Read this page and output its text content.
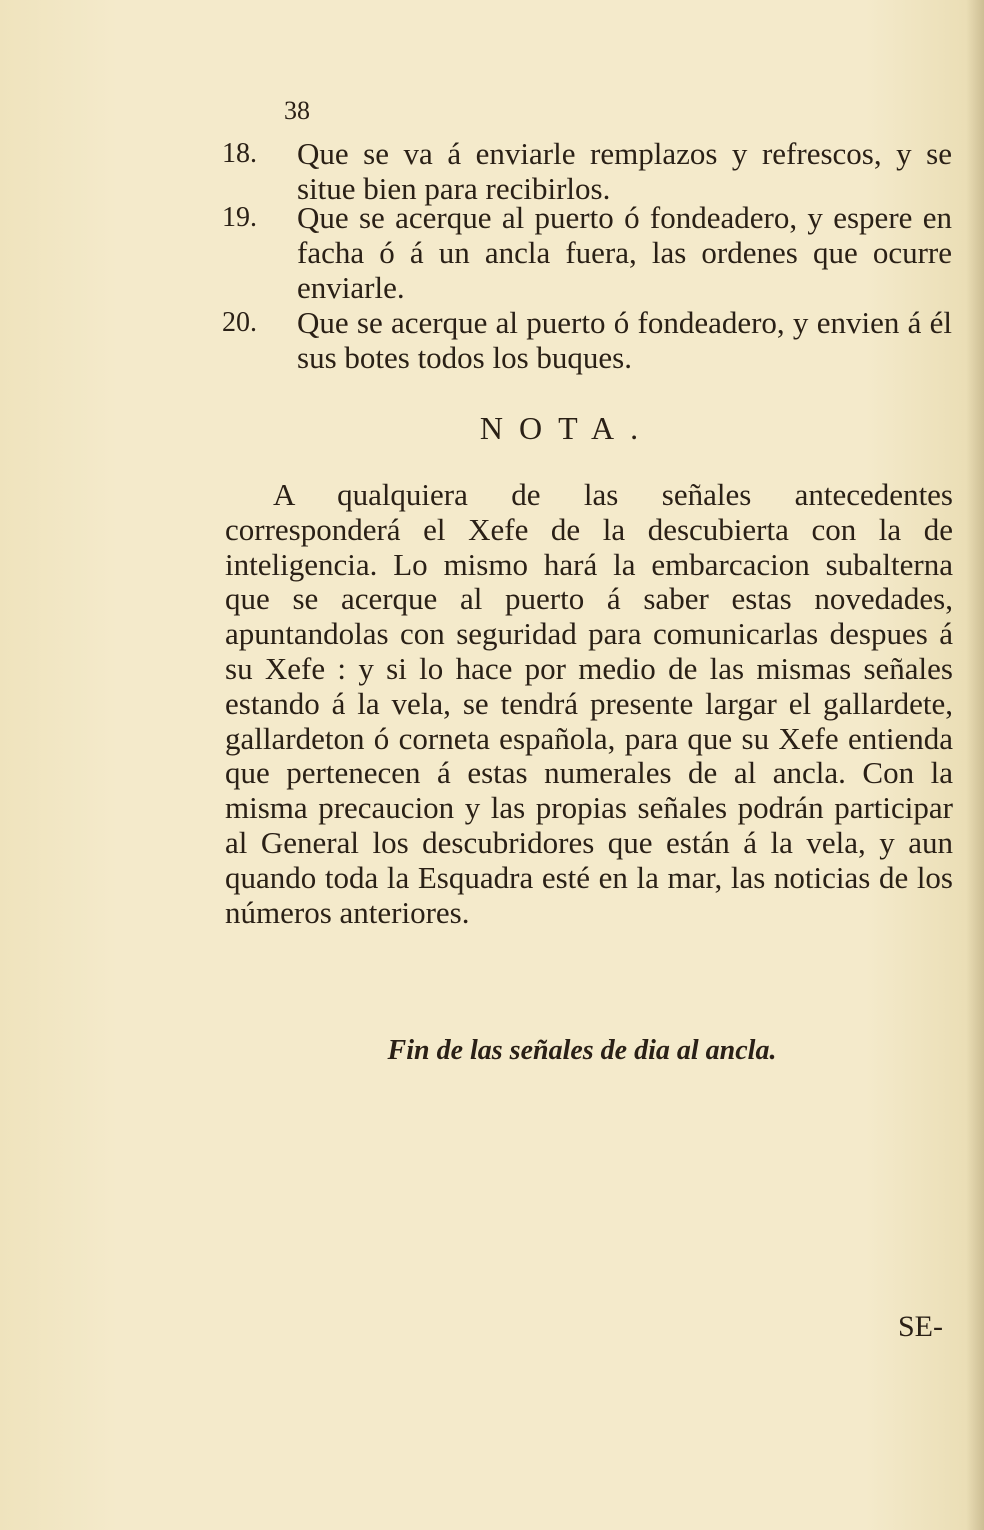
38
18. Que se va á enviarle remplazos y refrescos, y se situe bien para recibirlos.
19. Que se acerque al puerto ó fondeadero, y espere en facha ó á un ancla fuera, las ordenes que ocurre enviarle.
20. Que se acerque al puerto ó fondeadero, y envien á él sus botes todos los buques.
NOTA.
A qualquiera de las señales antecedentes corresponderá el Xefe de la descubierta con la de inteligencia. Lo mismo hará la embarcacion subalterna que se acerque al puerto á saber estas novedades, apuntandolas con seguridad para comunicarlas despues á su Xefe : y si lo hace por medio de las mismas señales estando á la vela, se tendrá presente largar el gallardete, gallardeton ó corneta española, para que su Xefe entienda que pertenecen á estas numerales de al ancla. Con la misma precaucion y las propias señales podrán participar al General los descubridores que están á la vela, y aun quando toda la Esquadra esté en la mar, las noticias de los números anteriores.
Fin de las señales de dia al ancla.
SE-
